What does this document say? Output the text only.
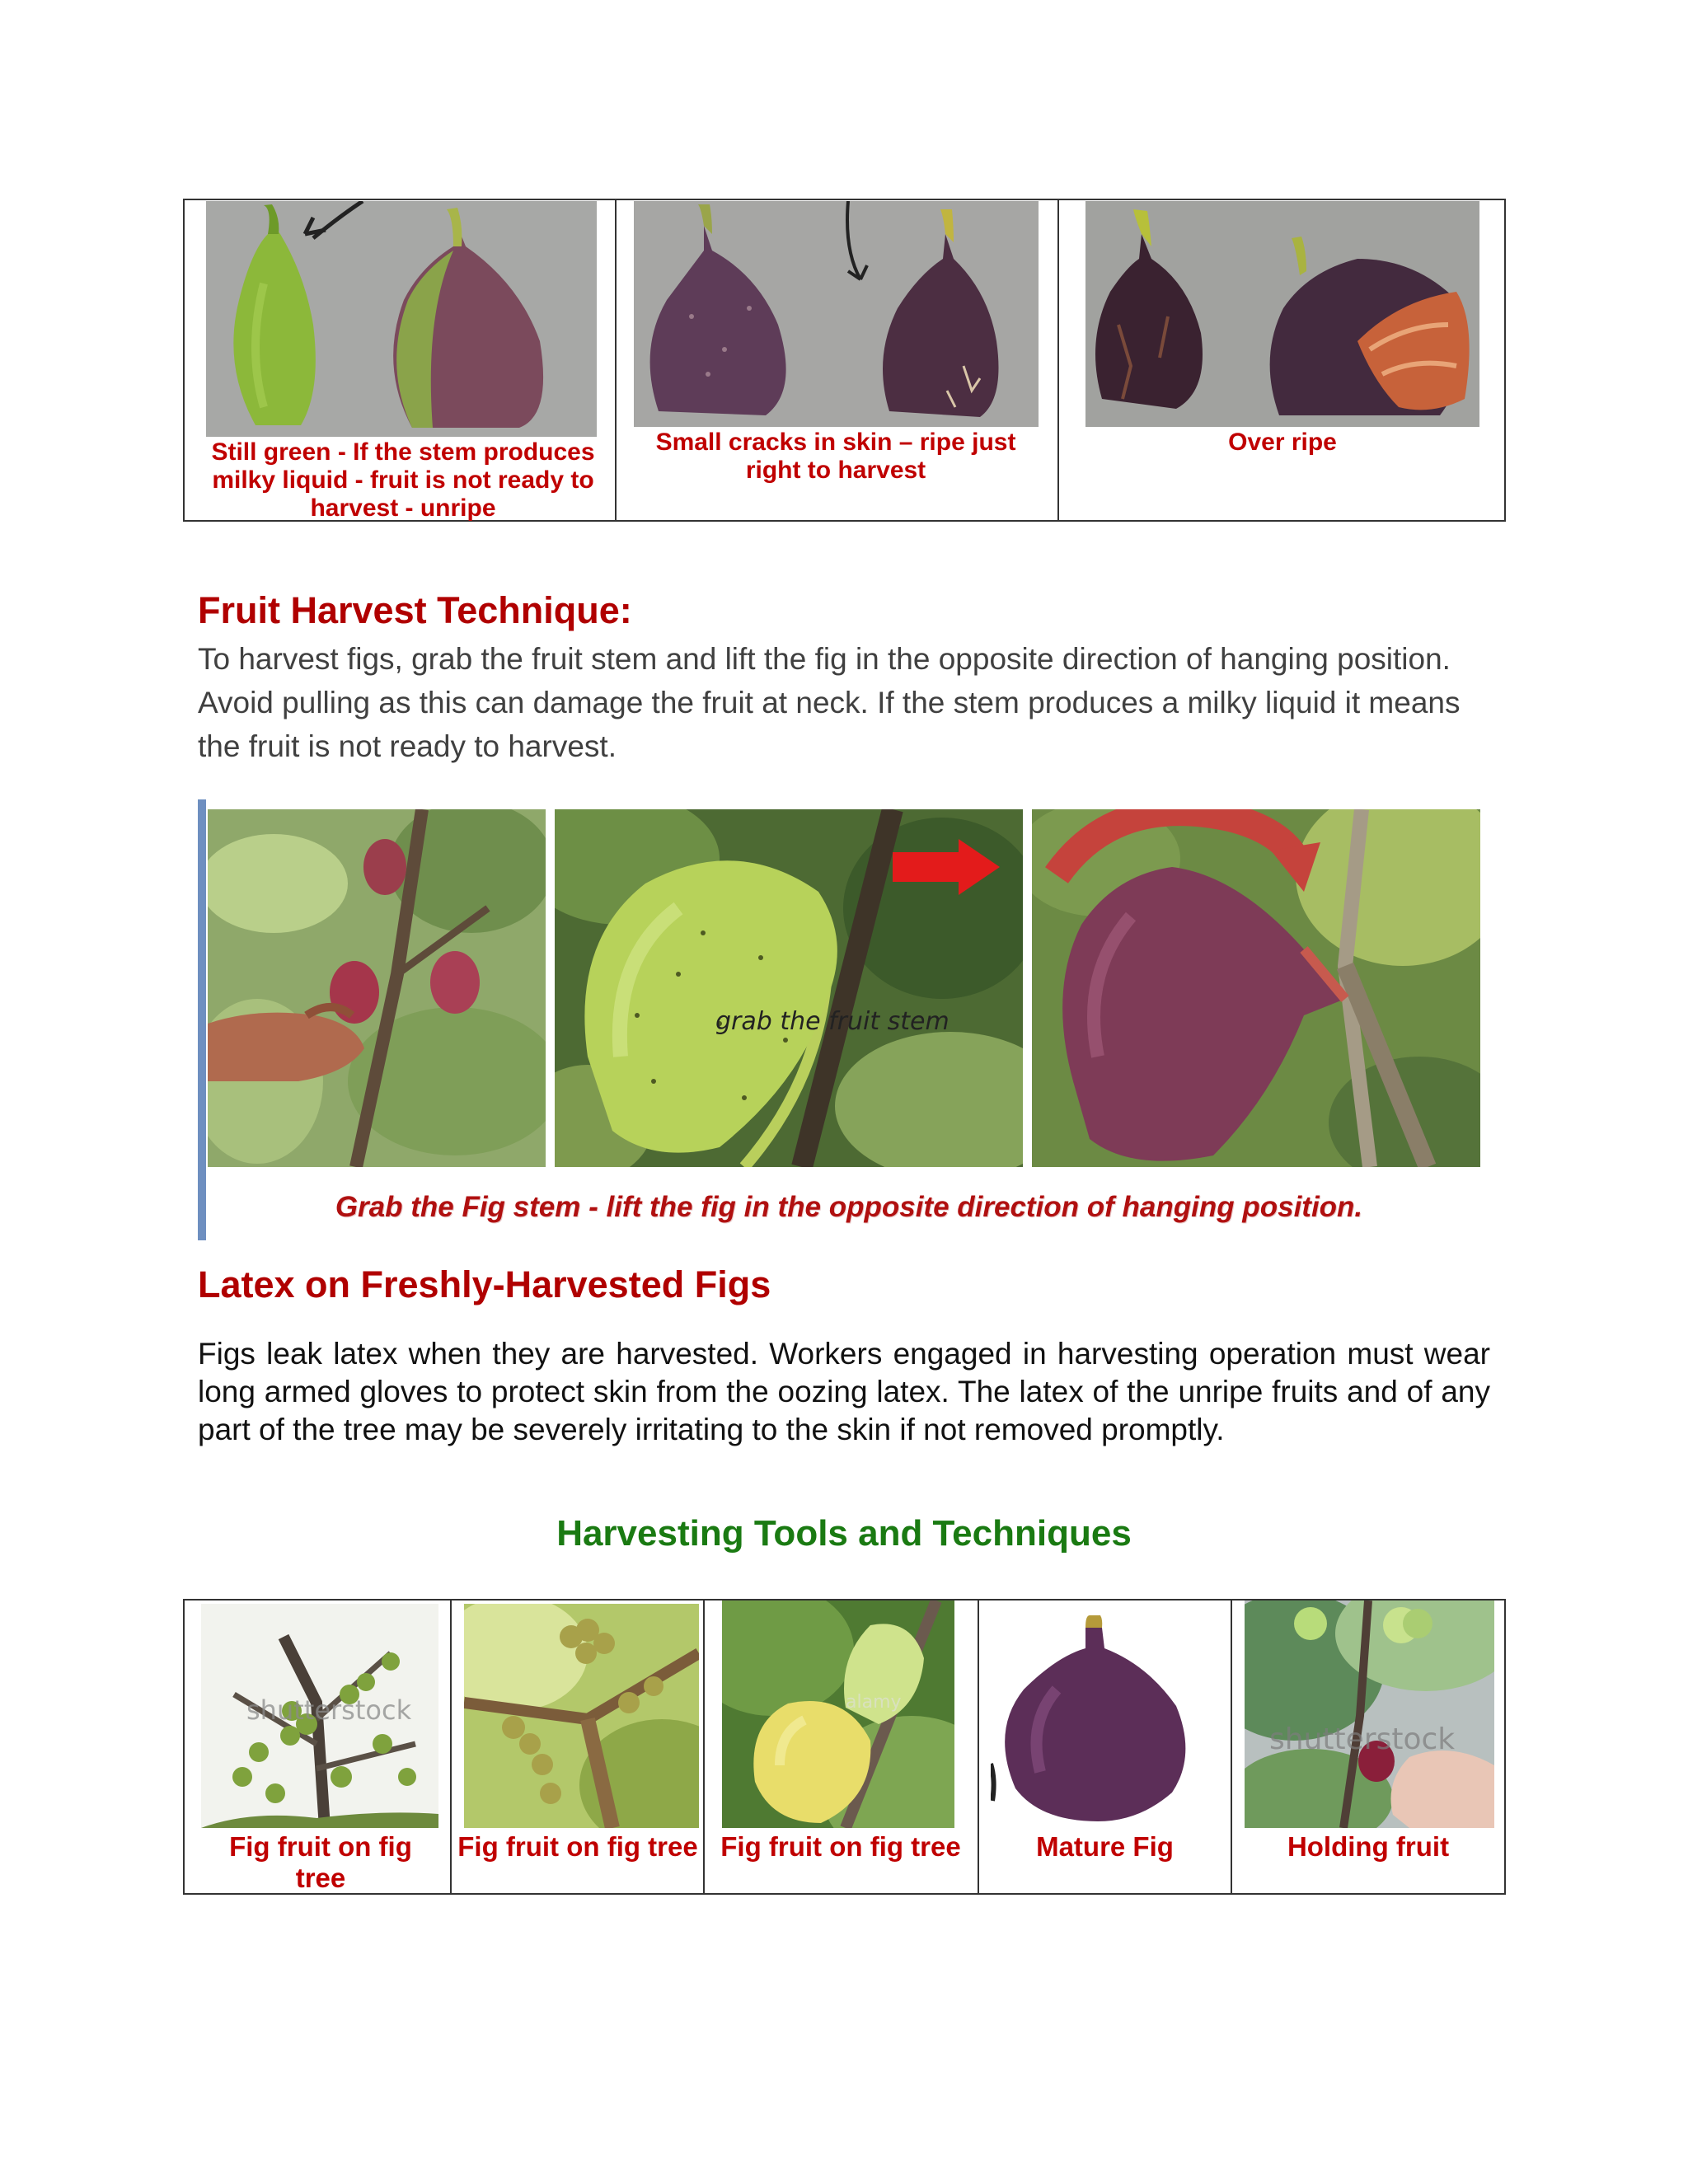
Still green - If the stem produces milky liquid - fruit is not ready to harvest - unripe
Small cracks in skin – ripe just right to harvest
Over ripe
Fruit Harvest Technique:

To harvest figs, grab the fruit stem and lift the fig in the opposite direction of hanging position. Avoid pulling as this can damage the fruit at neck. If the stem produces a milky liquid it means the fruit is not ready to harvest.

grab the fruit stem
Grab the Fig stem - lift the fig in the opposite direction of hanging position.
Latex on Freshly-Harvested Figs

Figs leak latex when they are harvested. Workers engaged in harvesting operation must wear long armed gloves to protect skin from the oozing latex. The latex of the unripe fruits and of any part of the tree may be severely irritating to the skin if not removed promptly.

Harvesting Tools and Techniques
shutterstock
Fig fruit on fig tree
Fig fruit on fig tree
alamy
Fig fruit on fig tree	Mature Fig
shutterstock
Holding fruit
